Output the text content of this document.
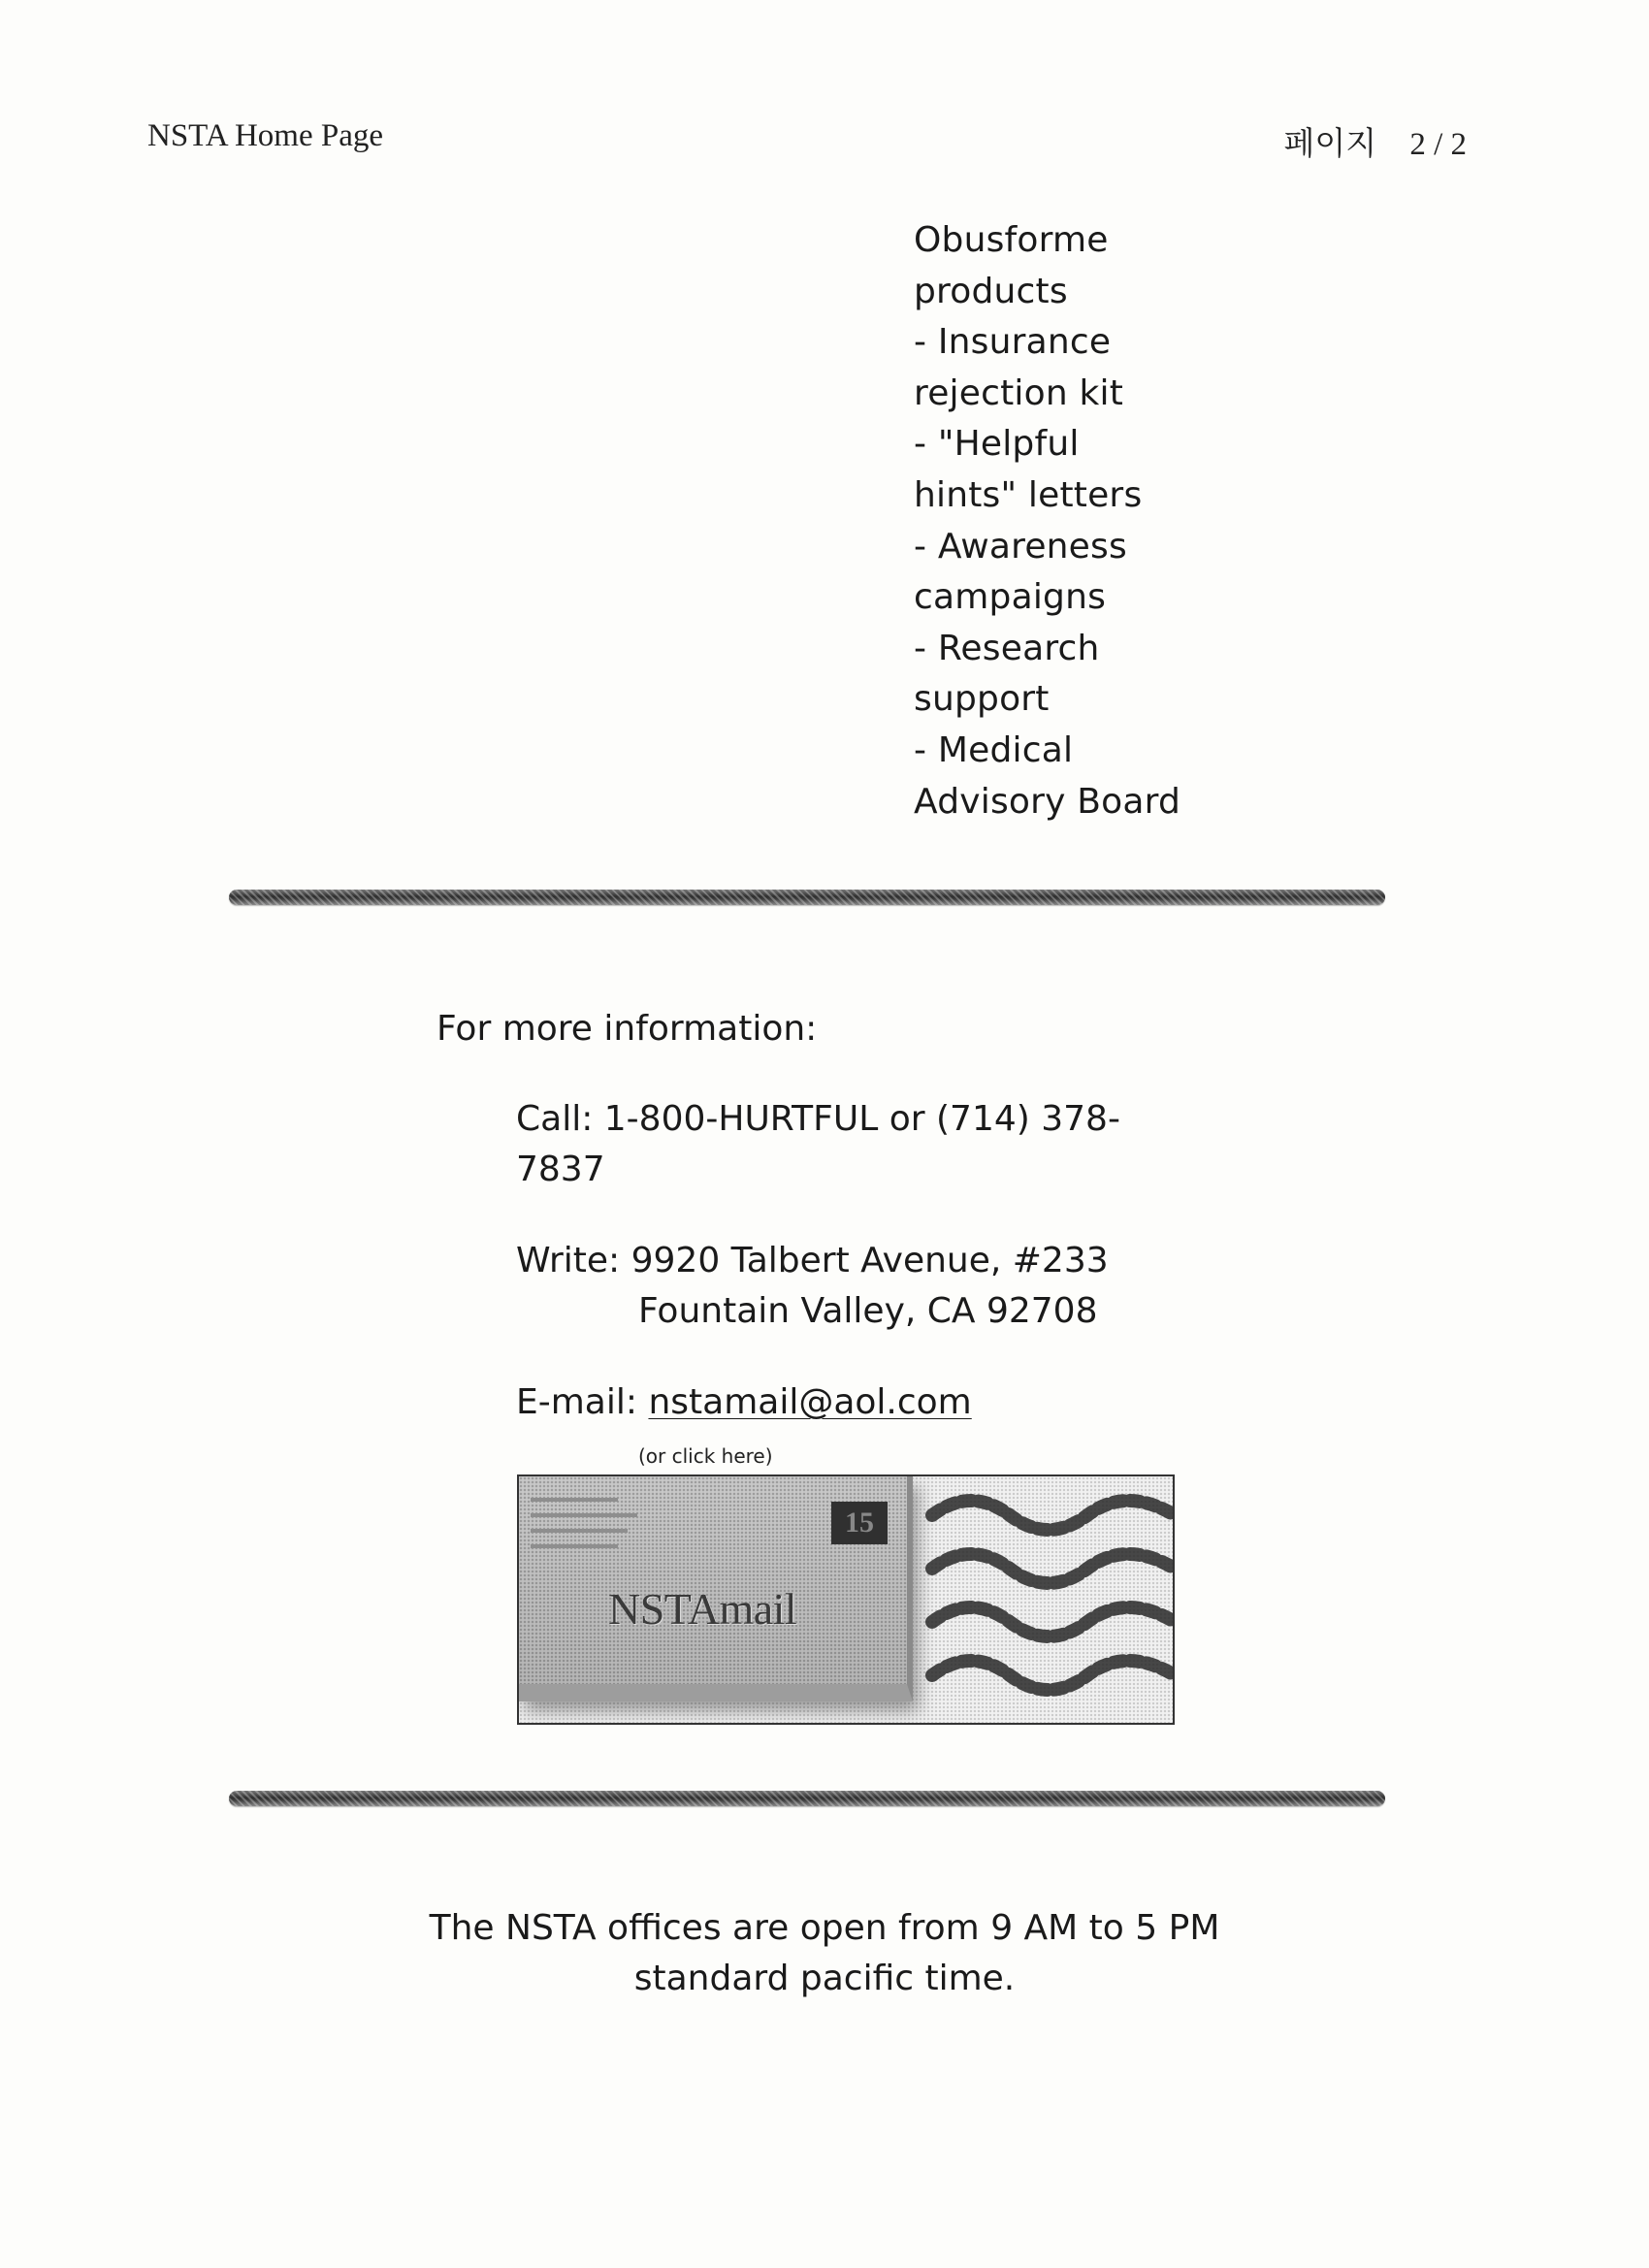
NSTA Home Page	페이지 2 / 2
Obusforme
products
- Insurance
rejection kit
- "Helpful
hints" letters
- Awareness
campaigns
- Research
support
- Medical
Advisory Board
For more information:
Call: 1-800-HURTFUL or (714) 378-
7837
Write: 9920 Talbert Avenue, #233
Fountain Valley, CA 92708
E-mail: nstamail@aol.com
(or click here)
15
NSTAmail
The NSTA offices are open from 9 AM to 5 PM
standard pacific time.
